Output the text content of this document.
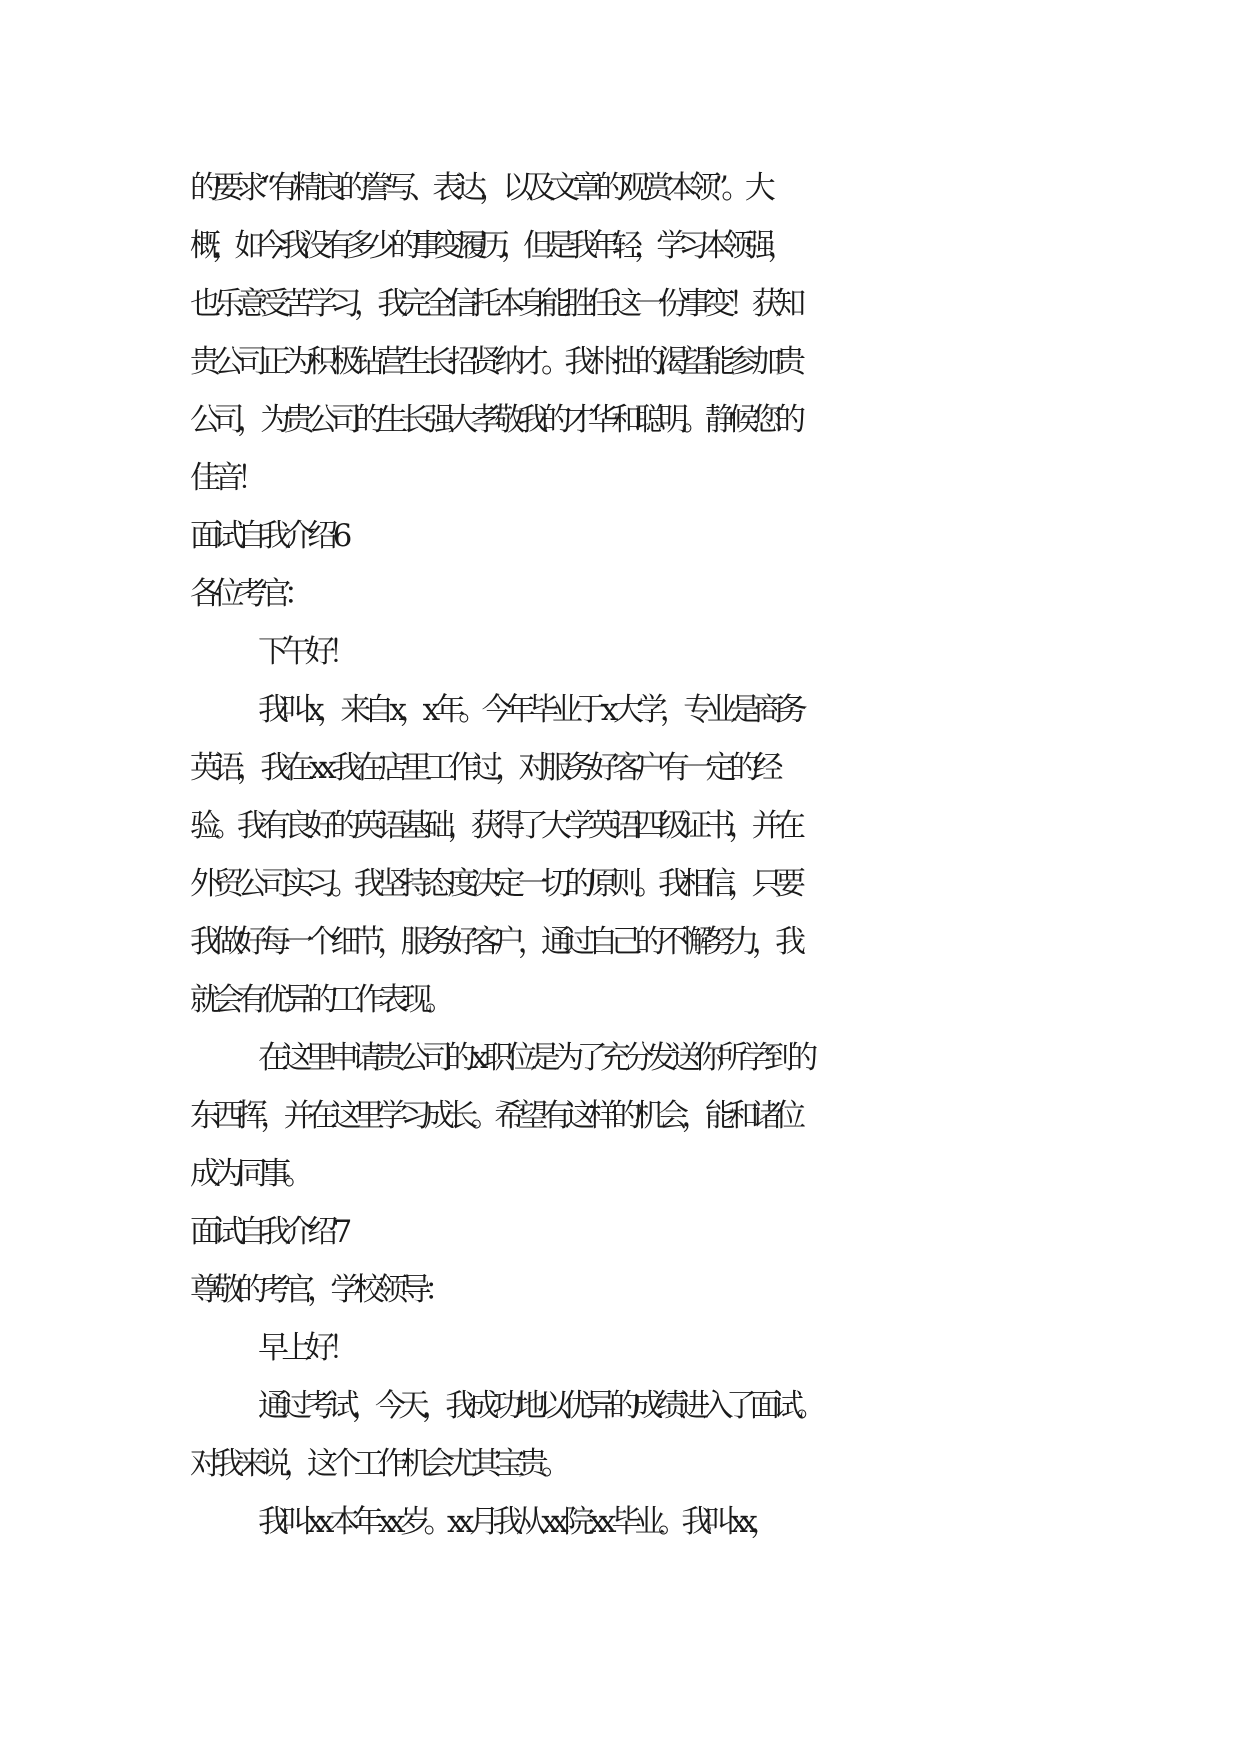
的要求“有精良的誊写、表达，以及文章的观赏本领”。大

概，如今我没有多少的事变履历，但是我年轻，学习本领强，

也乐意受苦学习，我完全信托本身能胜任这一份事变！获知

贵公司正为积极钻营生长招贤纳才。我朴拙的渴望能参加贵

公司，为贵公司的生长强大孝敬我的才华和聪明。静候您的

佳音！

面试自我介绍 6

各位考官：

下午好！

我叫 x，来自 x，x 年。今年毕业于 x 大学，专业是商务

英语，我在 xx 我在店里工作过，对服务好客户有一定的经

验。我有良好的英语基础，获得了大学英语四级证书，并在

外贸公司实习。我坚持态度决定一切的原则。我相信，只要

我做好每一个细节，服务好客户，通过自己的不懈努力，我

就会有优异的'工作表现。

在这里申请贵公司的 x 职位是为了充分发送你所学到的

东西挥，并在这里学习成长。希望有这样的机会，能和诸位

成为同事。

面试自我介绍 7

尊敬的考官，学校领导：

早上好！

通过考试，今天，我成功地以优异的成绩进入了面试。

对我来说，这个工作机会尤其宝贵。

我叫 xx 本年 xx 岁。xx 月我从 xx 院 xx 毕业。我叫 xx，
